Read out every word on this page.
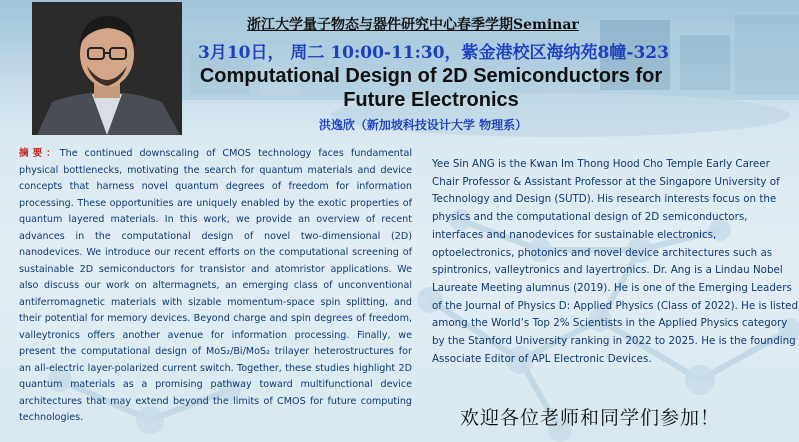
浙江大学量子物态与器件研究中心春季学期Seminar
3月10日， 周二 10:00-11:30，紫金港校区海纳苑8幢-323
Computational Design of 2D Semiconductors for Future Electronics
洪逸欣（新加坡科技设计大学 物理系）
摘要：The continued downscaling of CMOS technology faces fundamental physical bottlenecks, motivating the search for quantum materials and device concepts that harness novel quantum degrees of freedom for information processing. These opportunities are uniquely enabled by the exotic properties of quantum layered materials. In this work, we provide an overview of recent advances in the computational design of novel two-dimensional (2D) nanodevices. We introduce our recent efforts on the computational screening of sustainable 2D semiconductors for transistor and atomristor applications. We also discuss our work on altermagnets, an emerging class of unconventional antiferromagnetic materials with sizable momentum-space spin splitting, and their potential for memory devices. Beyond charge and spin degrees of freedom, valleytronics offers another avenue for information processing. Finally, we present the computational design of MoS₂/Bi/MoS₂ trilayer heterostructures for an all-electric layer-polarized current switch. Together, these studies highlight 2D quantum materials as a promising pathway toward multifunctional device architectures that may extend beyond the limits of CMOS for future computing technologies.
Yee Sin ANG is the Kwan Im Thong Hood Cho Temple Early Career Chair Professor & Assistant Professor at the Singapore University of Technology and Design (SUTD). His research interests focus on the physics and the computational design of 2D semiconductors, interfaces and nanodevices for sustainable electronics, optoelectronics, photonics and novel device architectures such as spintronics, valleytronics and layertronics. Dr. Ang is a Lindau Nobel Laureate Meeting alumnus (2019). He is one of the Emerging Leaders of the Journal of Physics D: Applied Physics (Class of 2022). He is listed among the World’s Top 2% Scientists in the Applied Physics category by the Stanford University ranking in 2022 to 2025. He is the founding Associate Editor of APL Electronic Devices.
欢迎各位老师和同学们参加！
